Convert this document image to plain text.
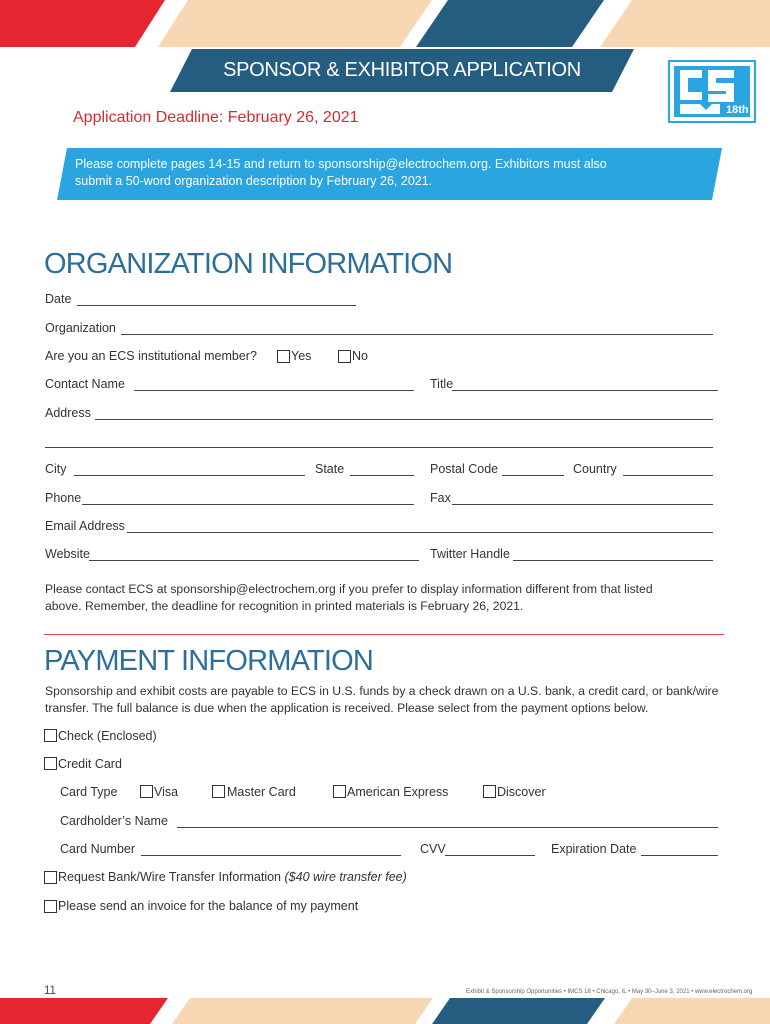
SPONSOR & EXHIBITOR APPLICATION
18th
Application Deadline: February 26, 2021
Please complete pages 14-15 and return to sponsorship@electrochem.org. Exhibitors must also
submit a 50-word organization description by February 26, 2021.
ORGANIZATION INFORMATION
Date
Organization
Are you an ECS institutional member?	Yes	No
Contact Name	Title
Address
City	State	Postal Code	Country
Phone	Fax
Email Address
Website	Twitter Handle
Please contact ECS at sponsorship@electrochem.org if you prefer to display information different from that listed
above. Remember, the deadline for recognition in printed materials is February 26, 2021.
PAYMENT INFORMATION
Sponsorship and exhibit costs are payable to ECS in U.S. funds by a check drawn on a U.S. bank, a credit card, or bank/wire
transfer. The full balance is due when the application is received. Please select from the payment options below.
Check (Enclosed)
Credit Card
Card Type	Visa	Master Card	American Express	Discover
Cardholder’s Name
Card Number	CVV	Expiration Date
Request Bank/Wire Transfer Information ($40 wire transfer fee)
Please send an invoice for the balance of my payment
11	Exhibit & Sponsorship Opportunities • IMCS 18 • Chicago, IL • May 30–June 3, 2021 • www.electrochem.org
